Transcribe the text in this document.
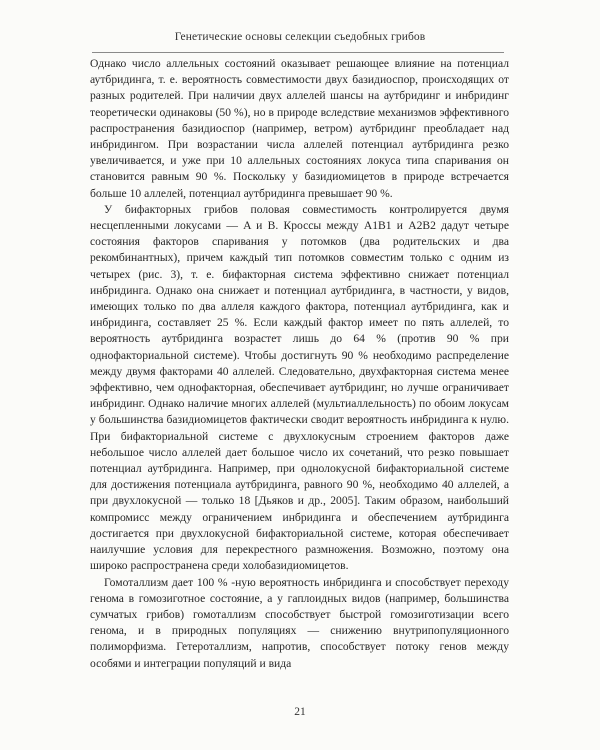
Генетические основы селекции съедобных грибов

Однако число аллельных состояний оказывает решающее влияние на потенциал аутбридинга, т. е. вероятность совместимости двух базидиоспор, происходящих от разных родителей. При наличии двух аллелей шансы на аутбридинг и инбридинг теоретически одинаковы (50 %), но в природе вследствие механизмов эффективного распространения базидиоспор (например, ветром) аутбридинг преобладает над инбридингом. При возрастании числа аллелей потенциал аутбридинга резко увеличивается, и уже при 10 аллельных состояниях локуса типа спаривания он становится равным 90 %. Поскольку у базидиомицетов в природе встречается больше 10 аллелей, потенциал аутбридинга превышает 90 %.

У бифакторных грибов половая совместимость контролируется двумя несцепленными локусами — A и B. Кроссы между A1B1 и A2B2 дадут четыре состояния факторов спаривания у потомков (два родительских и два рекомбинантных), причем каждый тип потомков совместим только с одним из четырех (рис. 3), т. е. бифакторная система эффективно снижает потенциал инбридинга. Однако она снижает и потенциал аутбридинга, в частности, у видов, имеющих только по два аллеля каждого фактора, потенциал аутбридинга, как и инбридинга, составляет 25 %. Если каждый фактор имеет по пять аллелей, то вероятность аутбридинга возрастет лишь до 64 % (против 90 % при однофакториальной системе). Чтобы достигнуть 90 % необходимо распределение между двумя факторами 40 аллелей. Следовательно, двухфакторная система менее эффективно, чем однофакторная, обеспечивает аутбридинг, но лучше ограничивает инбридинг. Однако наличие многих аллелей (мультиаллельность) по обоим локусам у большинства базидиомицетов фактически сводит вероятность инбридинга к нулю. При бифакториальной системе с двухлокусным строением факторов даже небольшое число аллелей дает большое число их сочетаний, что резко повышает потенциал аутбридинга. Например, при однолокусной бифакториальной системе для достижения потенциала аутбридинга, равного 90 %, необходимо 40 аллелей, а при двухлокусной — только 18 [Дьяков и др., 2005]. Таким образом, наибольший компромисс между ограничением инбридинга и обеспечением аутбридинга достигается при двухлокусной бифакториальной системе, которая обеспечивает наилучшие условия для перекрестного размножения. Возможно, поэтому она широко распространена среди холобазидиомицетов.

Гомоталлизм дает 100 % -ную вероятность инбридинга и способствует переходу генома в гомозиготное состояние, а у гаплоидных видов (например, большинства сумчатых грибов) гомоталлизм способствует быстрой гомозиготизации всего генома, и в природных популяциях — снижению внутрипопуляционного полиморфизма. Гетероталлизм, напротив, способствует потоку генов между особями и интеграции популяций и вида

21
